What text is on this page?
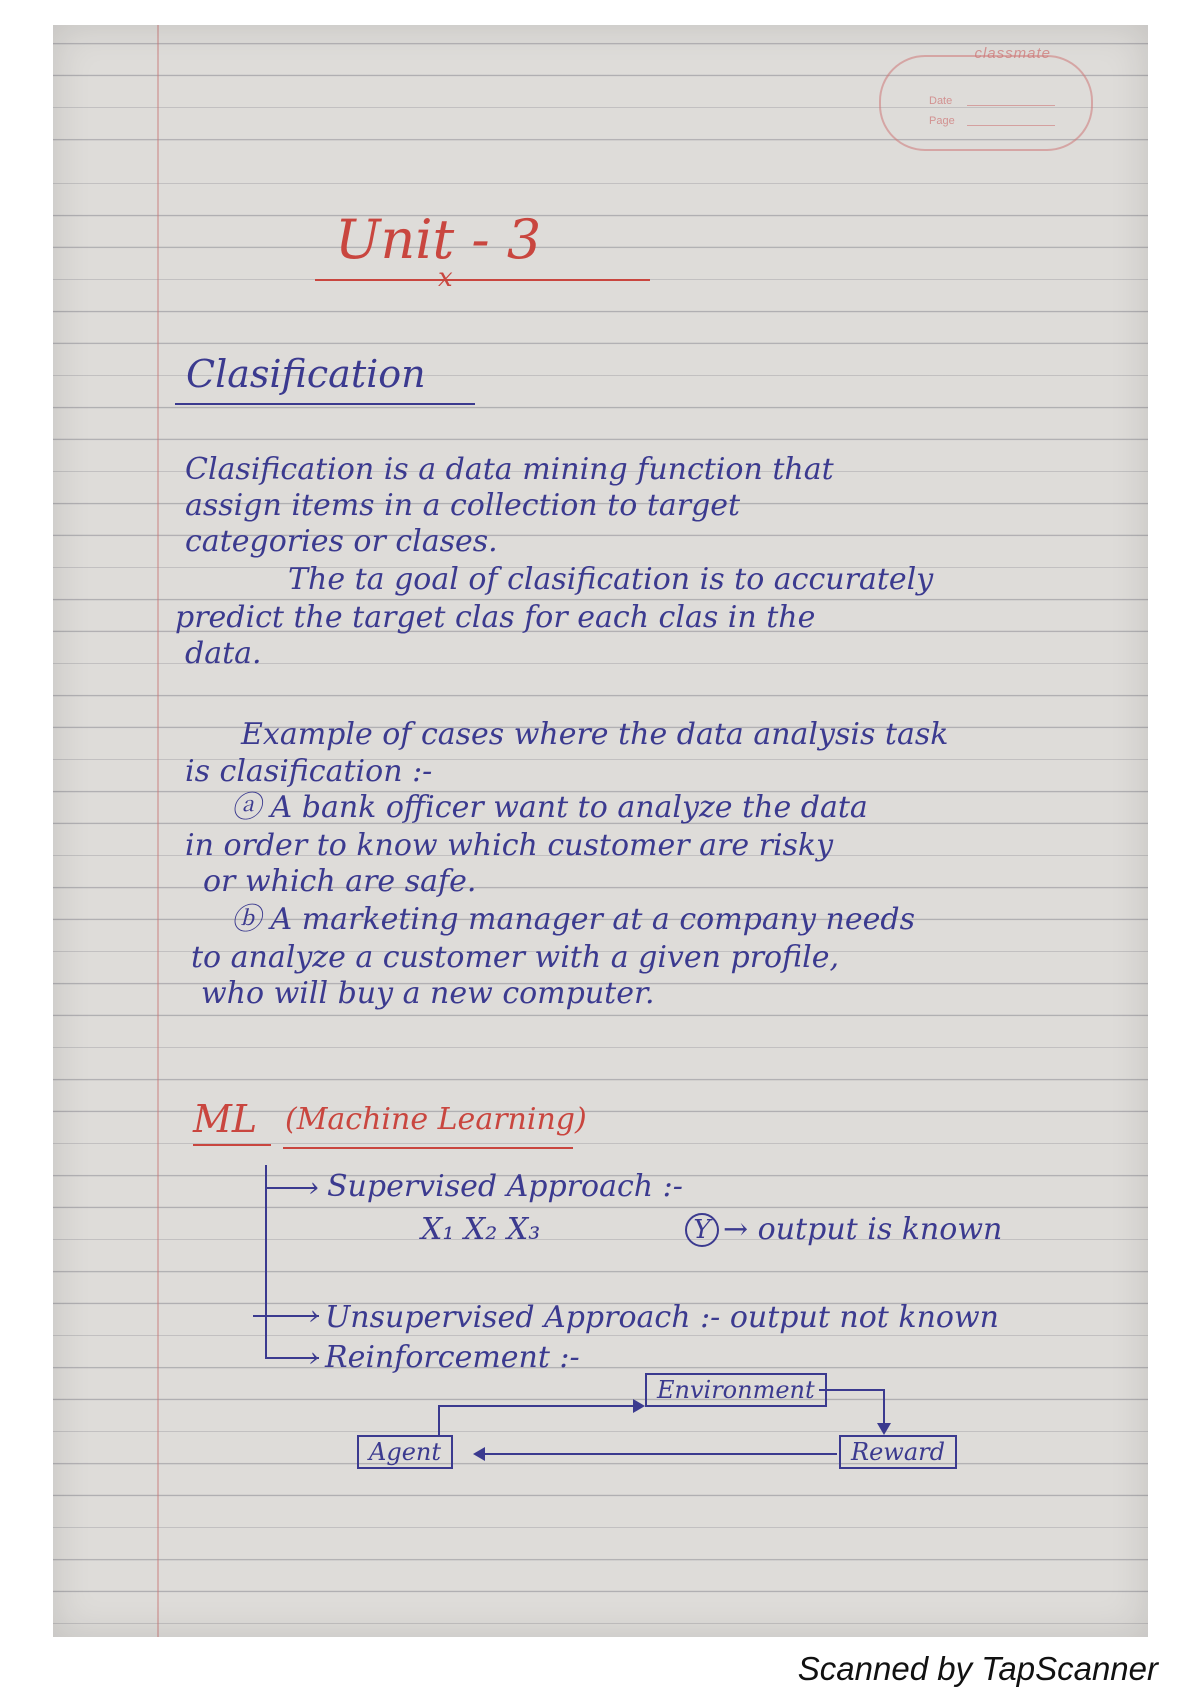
classmate
Date
Page
Unit - 3
x
Clasification
Clasification is a data mining function that
assign items in a collection to target
categories or clases.
The ta goal of clasification is to accurately
predict the target clas for each clas in the
data.
Example of cases where the data analysis task
is clasification :-
ⓐ A bank officer want to analyze the data
in order to know which customer are risky
or which are safe.
ⓑ A marketing manager at a company needs
to analyze a customer with a given profile,
who will buy a new computer.
ML (Machine Learning)
›
›
›
Supervised Approach :-
X₁ X₂ X₃	Y → output is known
Unsupervised Approach :- output not known
Reinforcement :-
Environment
Agent	Reward
Scanned by TapScanner
